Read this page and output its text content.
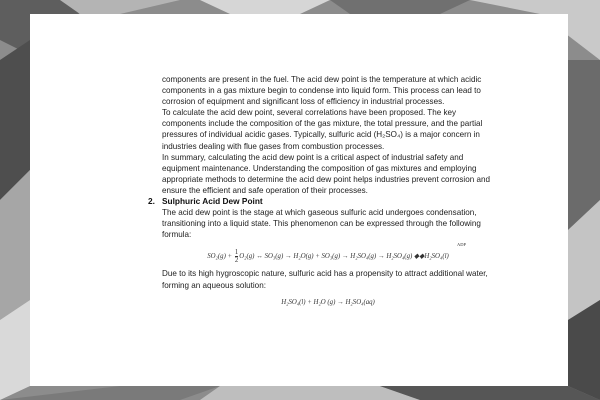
components are present in the fuel. The acid dew point is the temperature at which acidic components in a gas mixture begin to condense into liquid form. This process can lead to corrosion of equipment and significant loss of efficiency in industrial processes.

To calculate the acid dew point, several correlations have been proposed. The key components include the composition of the gas mixture, the total pressure, and the partial pressures of individual acidic gases. Typically, sulfuric acid (H₂SO₄) is a major concern in industries dealing with flue gases from combustion processes.

In summary, calculating the acid dew point is a critical aspect of industrial safety and equipment maintenance. Understanding the composition of gas mixtures and employing appropriate methods to determine the acid dew point helps industries prevent corrosion and ensure the efficient and safe operation of their processes.

2. Sulphuric Acid Dew Point

The acid dew point is the stage at which gaseous sulfuric acid undergoes condensation, transitioning into a liquid state. This phenomenon can be expressed through the following formula:

$SO_2(g) + \frac{1}{2} O_2(g)$ ↔ SO₃(g) → H₂O(g) + SO₃(g) → H₂SO₄(g) → H₂SO₄(g) ◆◆H₂SO₄(l)
ADP

Due to its high hygroscopic nature, sulfuric acid has a propensity to attract additional water, forming an aqueous solution:

H₂SO₄(l) + H₂O (g) → H₂SO₄(aq)
